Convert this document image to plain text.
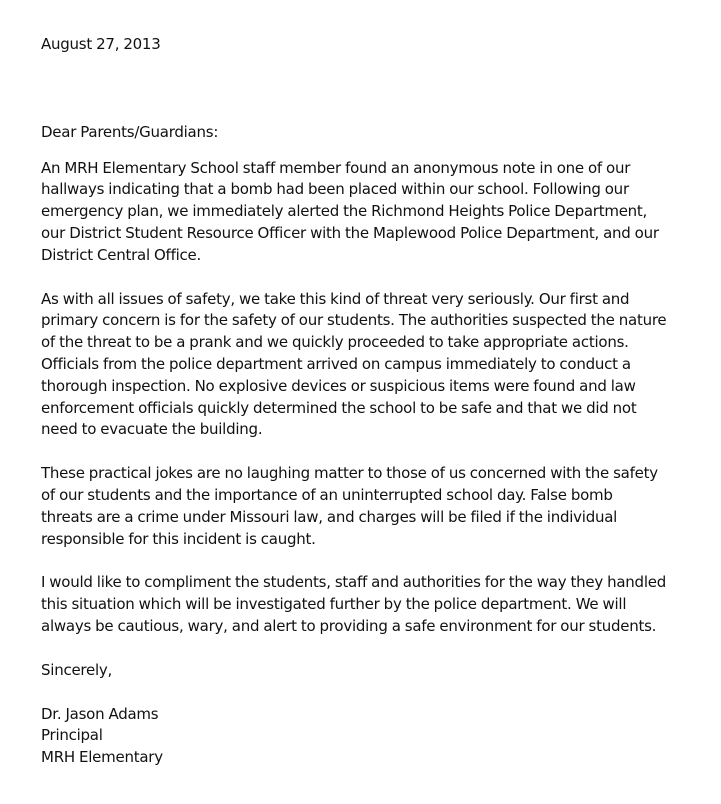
August 27, 2013
Dear Parents/Guardians:
An MRH Elementary School staff member found an anonymous note in one of our
hallways indicating that a bomb had been placed within our school. Following our
emergency plan, we immediately alerted the Richmond Heights Police Department,
our District Student Resource Officer with the Maplewood Police Department, and our
District Central Office.
As with all issues of safety, we take this kind of threat very seriously. Our first and
primary concern is for the safety of our students. The authorities suspected the nature
of the threat to be a prank and we quickly proceeded to take appropriate actions.
Officials from the police department arrived on campus immediately to conduct a
thorough inspection. No explosive devices or suspicious items were found and law
enforcement officials quickly determined the school to be safe and that we did not
need to evacuate the building.
These practical jokes are no laughing matter to those of us concerned with the safety
of our students and the importance of an uninterrupted school day. False bomb
threats are a crime under Missouri law, and charges will be filed if the individual
responsible for this incident is caught.
I would like to compliment the students, staff and authorities for the way they handled
this situation which will be investigated further by the police department. We will
always be cautious, wary, and alert to providing a safe environment for our students.
Sincerely,
Dr. Jason Adams
Principal
MRH Elementary
